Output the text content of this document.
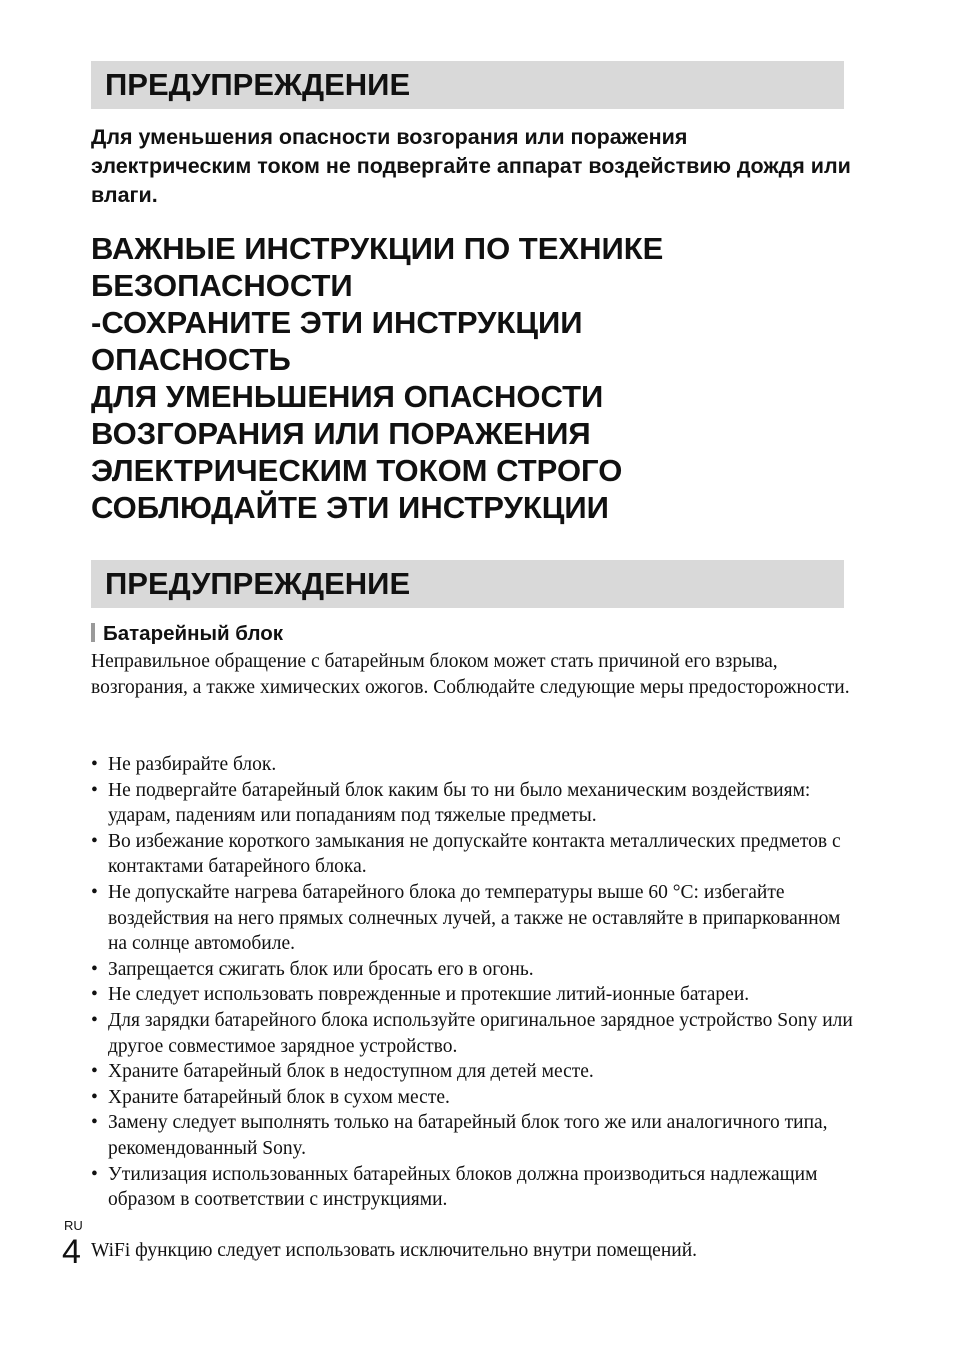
ПРЕДУПРЕЖДЕНИЕ
Для уменьшения опасности возгорания или поражения электрическим током не подвергайте аппарат воздействию дождя или влаги.
ВАЖНЫЕ ИНСТРУКЦИИ ПО ТЕХНИКЕ
БЕЗОПАСНОСТИ
-СОХРАНИТЕ ЭТИ ИНСТРУКЦИИ
ОПАСНОСТЬ
ДЛЯ УМЕНЬШЕНИЯ ОПАСНОСТИ
ВОЗГОРАНИЯ ИЛИ ПОРАЖЕНИЯ
ЭЛЕКТРИЧЕСКИМ ТОКОМ СТРОГО
СОБЛЮДАЙТЕ ЭТИ ИНСТРУКЦИИ
ПРЕДУПРЕЖДЕНИЕ
Батарейный блок
Неправильное обращение с батарейным блоком может стать причиной его взрыва, возгорания, а также химических ожогов. Соблюдайте следующие меры предосторожности.
• Не разбирайте блок.
• Не подвергайте батарейный блок каким бы то ни было механическим воздействиям: ударам, падениям или попаданиям под тяжелые предметы.
• Во избежание короткого замыкания не допускайте контакта металлических предметов с контактами батарейного блока.
• Не допускайте нагрева батарейного блока до температуры выше 60 °C: избегайте воздействия на него прямых солнечных лучей, а также не оставляйте в припаркованном на солнце автомобиле.
• Запрещается сжигать блок или бросать его в огонь.
• Не следует использовать поврежденные и протекшие литий-ионные батареи.
• Для зарядки батарейного блока используйте оригинальное зарядное устройство Sony или другое совместимое зарядное устройство.
• Храните батарейный блок в недоступном для детей месте.
• Храните батарейный блок в сухом месте.
• Замену следует выполнять только на батарейный блок того же или аналогичного типа, рекомендованный Sony.
• Утилизация использованных батарейных блоков должна производиться надлежащим образом в соответствии с инструкциями.
RU
4 WiFi функцию следует использовать исключительно внутри помещений.
